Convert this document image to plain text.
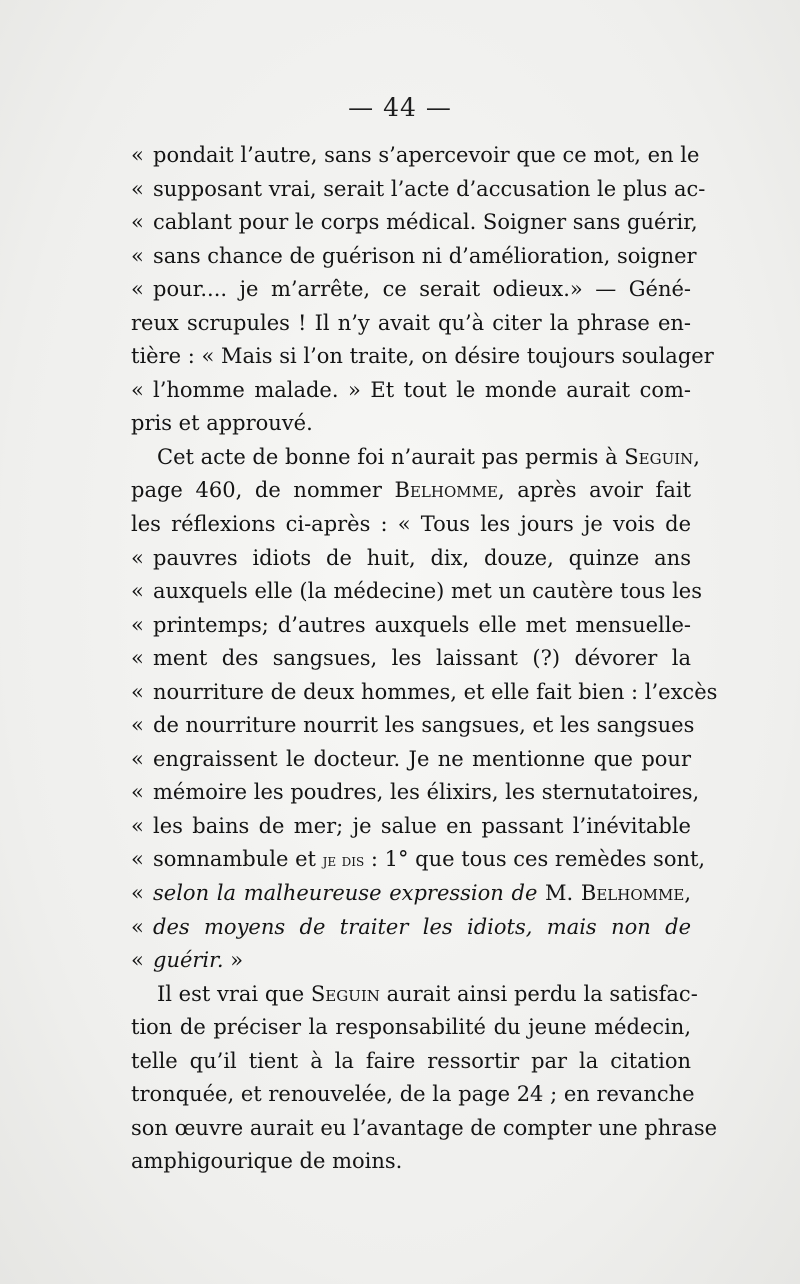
— 44 —
« pondait l’autre, sans s’apercevoir que ce mot, en le
« supposant vrai, serait l’acte d’accusation le plus ac-
« cablant pour le corps médical. Soigner sans guérir,
« sans chance de guérison ni d’amélioration, soigner
« pour.... je m’arrête, ce serait odieux.» — Géné-
reux scrupules ! Il n’y avait qu’à citer la phrase en-
tière : « Mais si l’on traite, on désire toujours soulager
« l’homme malade. » Et tout le monde aurait com-
pris et approuvé.
Cet acte de bonne foi n’aurait pas permis à Seguin,
page 460, de nommer Belhomme, après avoir fait
les réflexions ci-après : « Tous les jours je vois de
« pauvres idiots de huit, dix, douze, quinze ans
« auxquels elle (la médecine) met un cautère tous les
« printemps; d’autres auxquels elle met mensuelle-
« ment des sangsues, les laissant (?) dévorer la
« nourriture de deux hommes, et elle fait bien : l’excès
« de nourriture nourrit les sangsues, et les sangsues
« engraissent le docteur. Je ne mentionne que pour
« mémoire les poudres, les élixirs, les sternutatoires,
« les bains de mer; je salue en passant l’inévitable
« somnambule et je dis : 1° que tous ces remèdes sont,
« selon la malheureuse expression de M. Belhomme,
« des moyens de traiter les idiots, mais non de
« guérir. »
Il est vrai que Seguin aurait ainsi perdu la satisfac-
tion de préciser la responsabilité du jeune médecin,
telle qu’il tient à la faire ressortir par la citation
tronquée, et renouvelée, de la page 24 ; en revanche
son œuvre aurait eu l’avantage de compter une phrase
amphigourique de moins.
